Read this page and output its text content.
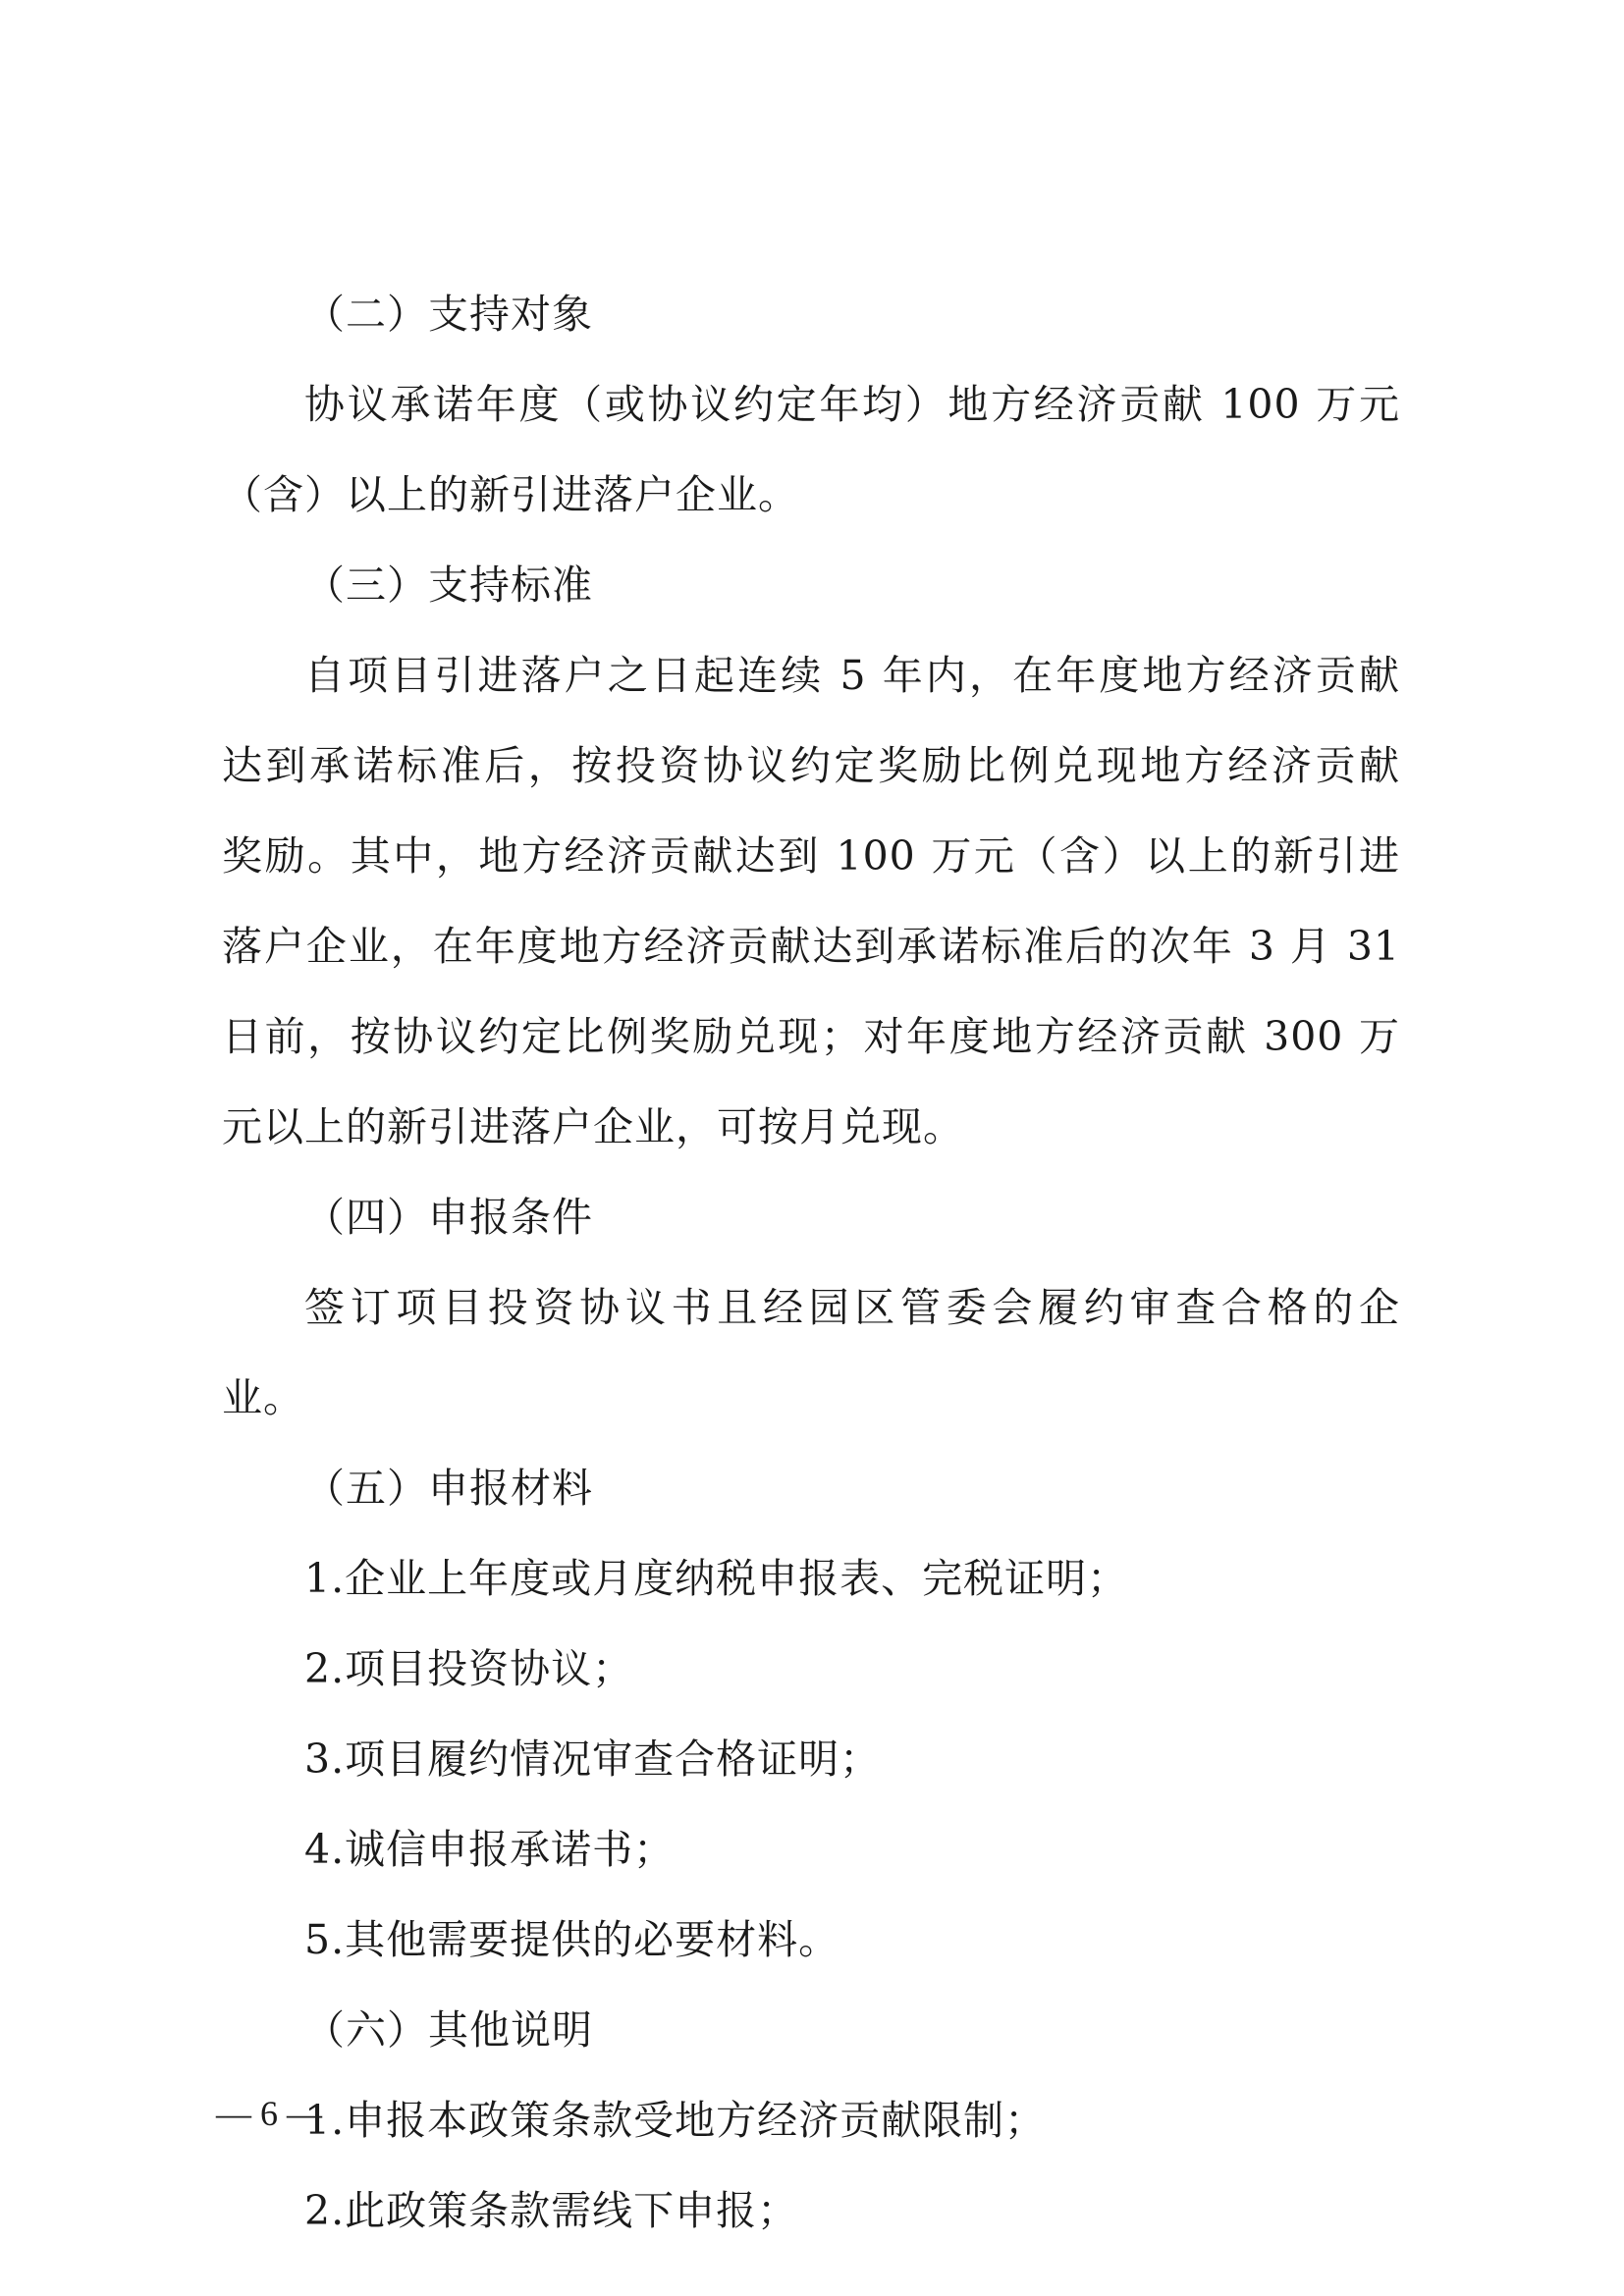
（二）支持对象
协议承诺年度（或协议约定年均）地方经济贡献 100 万元
（含）以上的新引进落户企业。
（三）支持标准
自项目引进落户之日起连续 5 年内，在年度地方经济贡献
达到承诺标准后，按投资协议约定奖励比例兑现地方经济贡献
奖励。其中，地方经济贡献达到 100 万元（含）以上的新引进
落户企业，在年度地方经济贡献达到承诺标准后的次年 3 月 31
日前，按协议约定比例奖励兑现；对年度地方经济贡献 300 万
元以上的新引进落户企业，可按月兑现。
（四）申报条件
签订项目投资协议书且经园区管委会履约审查合格的企
业。
（五）申报材料
1.企业上年度或月度纳税申报表、完税证明；
2.项目投资协议；
3.项目履约情况审查合格证明；
4.诚信申报承诺书；
5.其他需要提供的必要材料。
（六）其他说明
1.申报本政策条款受地方经济贡献限制；
2.此政策条款需线下申报；
— 6 —
